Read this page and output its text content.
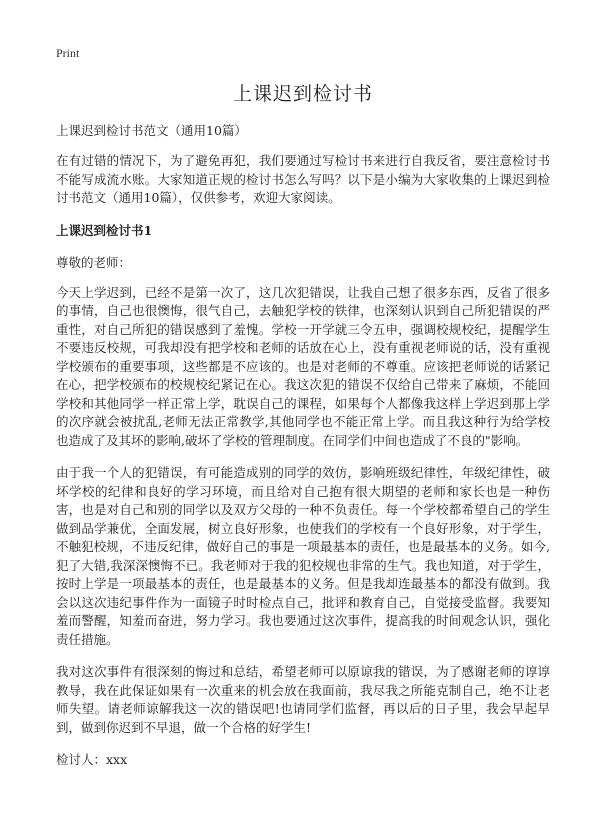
Print
上课迟到检讨书

上课迟到检讨书范文（通用10篇）

在有过错的情况下，为了避免再犯，我们要通过写检讨书来进行自我反省，要注意检讨书不能写成流水账。大家知道正规的检讨书怎么写吗？以下是小编为大家收集的上课迟到检讨书范文（通用10篇），仅供参考，欢迎大家阅读。

上课迟到检讨书1

尊敬的老师：

今天上学迟到，已经不是第一次了，这几次犯错误，让我自己想了很多东西，反省了很多的事情，自己也很懊悔，很气自己，去触犯学校的铁律，也深刻认识到自己所犯错误的严重性，对自己所犯的错误感到了羞愧。学校一开学就三令五申，强调校规校纪，提醒学生不要违反校规，可我却没有把学校和老师的话放在心上，没有重视老师说的话，没有重视学校颁布的重要事项，这些都是不应该的。也是对老师的不尊重。应该把老师说的话紧记在心，把学校颁布的校规校纪紧记在心。我这次犯的错误不仅给自己带来了麻烦，不能回学校和其他同学一样正常上学，耽误自己的课程，如果每个人都像我这样上学迟到那上学的次序就会被扰乱,老师无法正常教学,其他同学也不能正常上学。而且我这种行为给学校也造成了及其坏的影响,破坏了学校的管理制度。在同学们中间也造成了不良的"影响。

由于我一个人的犯错误，有可能造成别的同学的效仿，影响班级纪律性，年级纪律性，破坏学校的纪律和良好的学习环境，而且给对自己抱有很大期望的老师和家长也是一种伤害，也是对自己和别的同学以及双方父母的一种不负责任。每一个学校都希望自己的学生做到品学兼优，全面发展，树立良好形象，也使我们的学校有一个良好形象，对于学生，不触犯校规，不违反纪律，做好自己的事是一项最基本的责任，也是最基本的义务。如今,犯了大错,我深深懊悔不已。我老师对于我的犯校规也非常的生气。我也知道，对于学生，按时上学是一项最基本的责任，也是最基本的义务。但是我却连最基本的都没有做到。我会以这次违纪事件作为一面镜子时时检点自己，批评和教育自己，自觉接受监督。我要知羞而警醒，知羞而奋进，努力学习。我也要通过这次事件，提高我的时间观念认识，强化责任措施。

我对这次事件有很深刻的悔过和总结，希望老师可以原谅我的错误，为了感谢老师的谆谆教导，我在此保证如果有一次重来的机会放在我面前，我尽我之所能克制自己，绝不让老师失望。请老师谅解我这一次的错误吧!也请同学们监督，再以后的日子里，我会早起早到，做到你迟到不早退，做一个合格的好学生!

检讨人：xxx
